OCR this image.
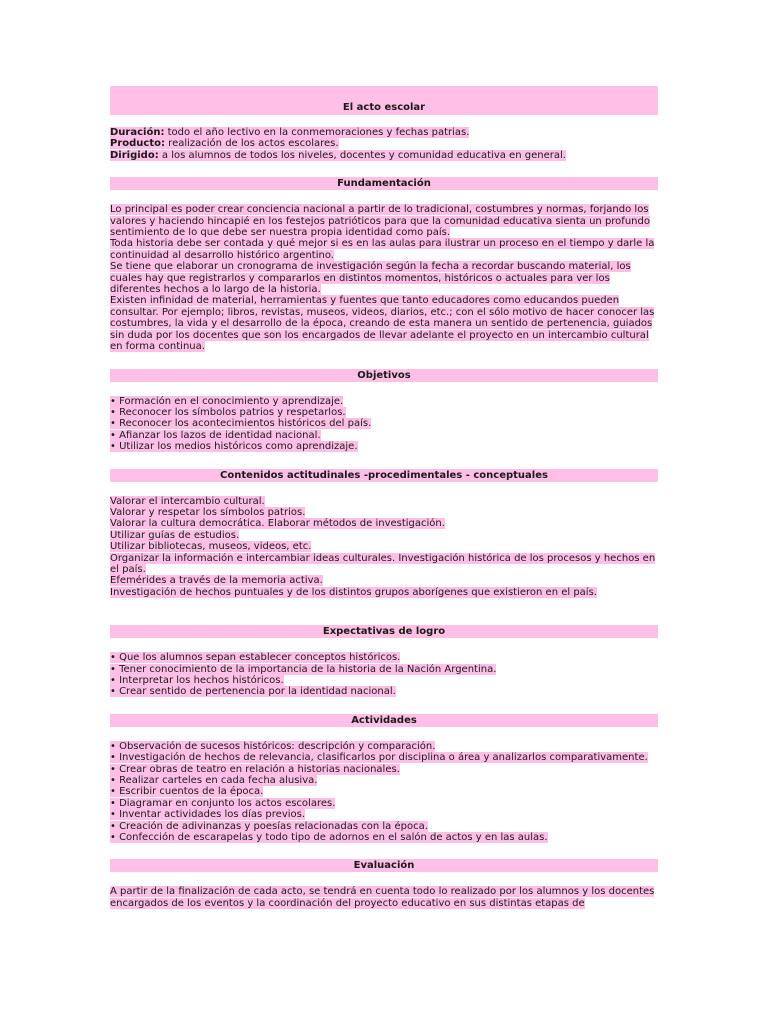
El acto escolar
Duración: todo el año lectivo en la conmemoraciones y fechas patrias.
Producto: realización de los actos escolares.
Dirigido: a los alumnos de todos los niveles, docentes y comunidad educativa en general.
Fundamentación
Lo principal es poder crear conciencia nacional a partir de lo tradicional, costumbres y normas, forjando los valores y haciendo hincapié en los festejos patrióticos para que la comunidad educativa sienta un profundo sentimiento de lo que debe ser nuestra propia identidad como país.
Toda historia debe ser contada y qué mejor si es en las aulas para ilustrar un proceso en el tiempo y darle la continuidad al desarrollo histórico argentino.
Se tiene que elaborar un cronograma de investigación según la fecha a recordar buscando material, los cuales hay que registrarlos y compararlos en distintos momentos, históricos o actuales para ver los diferentes hechos a lo largo de la historia.
Existen infinidad de material, herramientas y fuentes que tanto educadores como educandos pueden consultar. Por ejemplo; libros, revistas, museos, videos, diarios, etc.; con el sólo motivo de hacer conocer las costumbres, la vida y el desarrollo de la época, creando de esta manera un sentido de pertenencia, guiados sin duda por los docentes que son los encargados de llevar adelante el proyecto en un intercambio cultural en forma continua.
Objetivos
• Formación en el conocimiento y aprendizaje.
• Reconocer los símbolos patrios y respetarlos.
• Reconocer los acontecimientos históricos del país.
• Afianzar los lazos de identidad nacional.
• Utilizar los medios históricos como aprendizaje.
Contenidos actitudinales -procedimentales - conceptuales
Valorar el intercambio cultural.
Valorar y respetar los símbolos patrios.
Valorar la cultura democrática. Elaborar métodos de investigación.
Utilizar guías de estudios.
Utilizar bibliotecas, museos, videos, etc.
Organizar la información e intercambiar ideas culturales. Investigación histórica de los procesos y hechos en el país.
Efemérides a través de la memoria activa.
Investigación de hechos puntuales y de los distintos grupos aborígenes que existieron en el país.
Expectativas de logro
• Que los alumnos sepan establecer conceptos históricos.
• Tener conocimiento de la importancia de la historia de la Nación Argentina.
• Interpretar los hechos históricos.
• Crear sentido de pertenencia por la identidad nacional.
Actividades
• Observación de sucesos históricos: descripción y comparación.
• Investigación de hechos de relevancia, clasificarlos por disciplina o área y analizarlos comparativamente.
• Crear obras de teatro en relación a historias nacionales.
• Realizar carteles en cada fecha alusiva.
• Escribir cuentos de la época.
• Diagramar en conjunto los actos escolares.
• Inventar actividades los días previos.
• Creación de adivinanzas y poesías relacionadas con la época.
• Confección de escarapelas y todo tipo de adornos en el salón de actos y en las aulas.
Evaluación
A partir de la finalización de cada acto, se tendrá en cuenta todo lo realizado por los alumnos y los docentes encargados de los eventos y la coordinación del proyecto educativo en sus distintas etapas de
